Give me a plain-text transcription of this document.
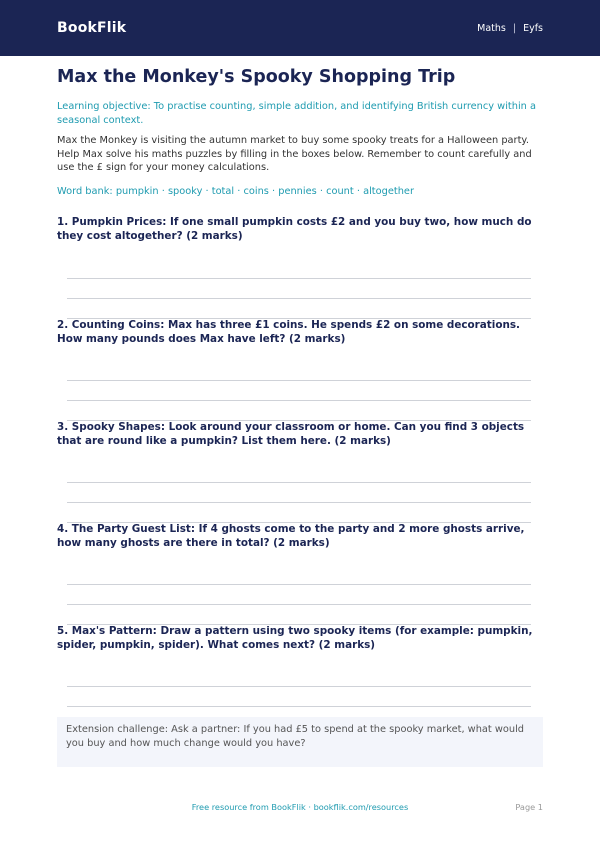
BookFlik	Maths | Eyfs
Max the Monkey's Spooky Shopping Trip

Learning objective: To practise counting, simple addition, and identifying British currency within a seasonal context.

Max the Monkey is visiting the autumn market to buy some spooky treats for a Halloween party. Help Max solve his maths puzzles by filling in the boxes below. Remember to count carefully and use the £ sign for your money calculations.

Word bank: pumpkin · spooky · total · coins · pennies · count · altogether

1. Pumpkin Prices: If one small pumpkin costs £2 and you buy two, how much do they cost altogether? (2 marks)

2. Counting Coins: Max has three £1 coins. He spends £2 on some decorations. How many pounds does Max have left? (2 marks)

3. Spooky Shapes: Look around your classroom or home. Can you find 3 objects that are round like a pumpkin? List them here. (2 marks)

4. The Party Guest List: If 4 ghosts come to the party and 2 more ghosts arrive, how many ghosts are there in total? (2 marks)

5. Max's Pattern: Draw a pattern using two spooky items (for example: pumpkin, spider, pumpkin, spider). What comes next? (2 marks)

Extension challenge: Ask a partner: If you had £5 to spend at the spooky market, what would you buy and how much change would you have?
Free resource from BookFlik · bookflik.com/resources	Page 1
